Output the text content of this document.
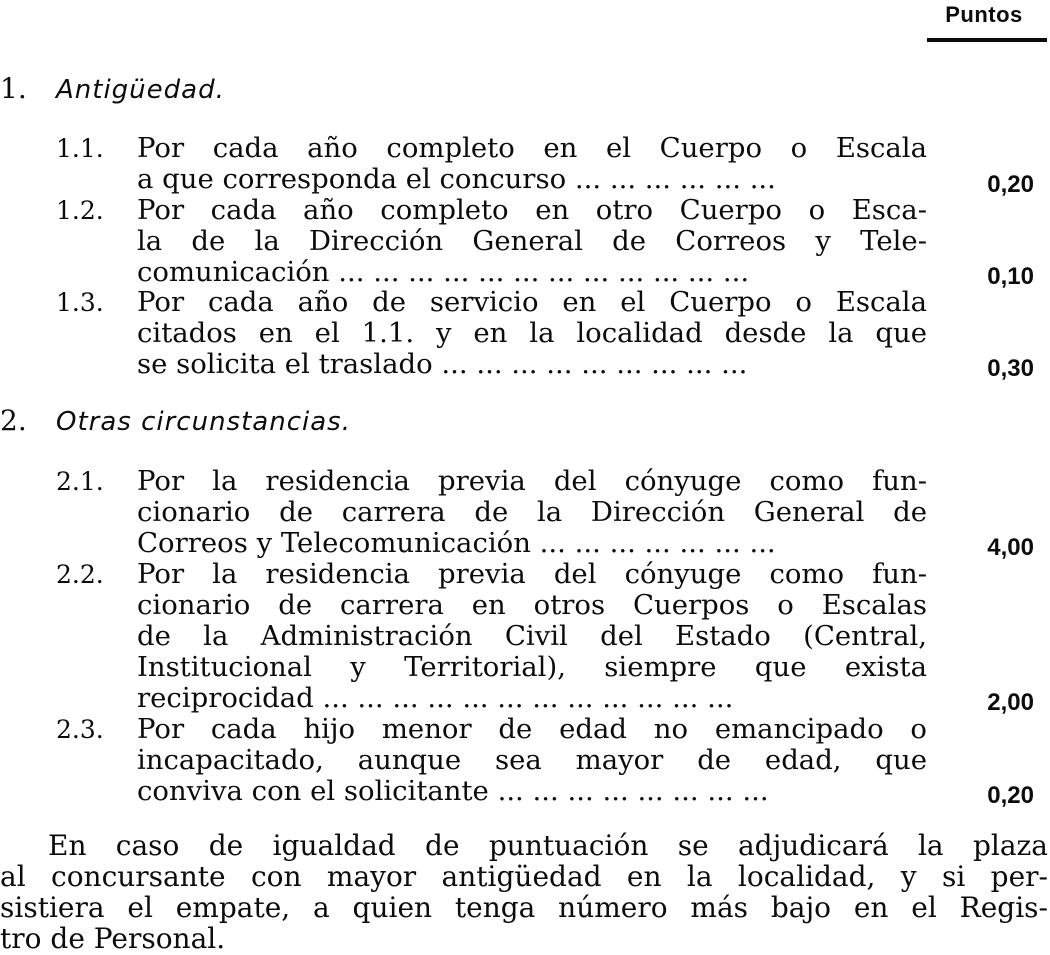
Puntos
1. Antigüedad.
1.1. Por cada año completo en el Cuerpo o Escala
a que corresponda el concurso ... ... ... ... ... ...	0,20
1.2. Por cada año completo en otro Cuerpo o Esca-
la de la Dirección General de Correos y Tele-
comunicación ... ... ... ... ... ... ... ... ... ... ... ...	0,10
1.3. Por cada año de servicio en el Cuerpo o Escala
citados en el 1.1. y en la localidad desde la que
se solicita el traslado ... ... ... ... ... ... ... ... ...	0,30
2. Otras circunstancias.
2.1. Por la residencia previa del cónyuge como fun-
cionario de carrera de la Dirección General de
Correos y Telecomunicación ... ... ... ... ... ... ...	4,00
2.2. Por la residencia previa del cónyuge como fun-
cionario de carrera en otros Cuerpos o Escalas
de la Administración Civil del Estado (Central,
Institucional y Territorial), siempre que exista
reciprocidad ... ... ... ... ... ... ... ... ... ... ... ...	2,00
2.3. Por cada hijo menor de edad no emancipado o
incapacitado, aunque sea mayor de edad, que
conviva con el solicitante ... ... ... ... ... ... ... ...	0,20
En caso de igualdad de puntuación se adjudicará la plaza
al concursante con mayor antigüedad en la localidad, y si per-
sistiera el empate, a quien tenga número más bajo en el Regis-
tro de Personal.
